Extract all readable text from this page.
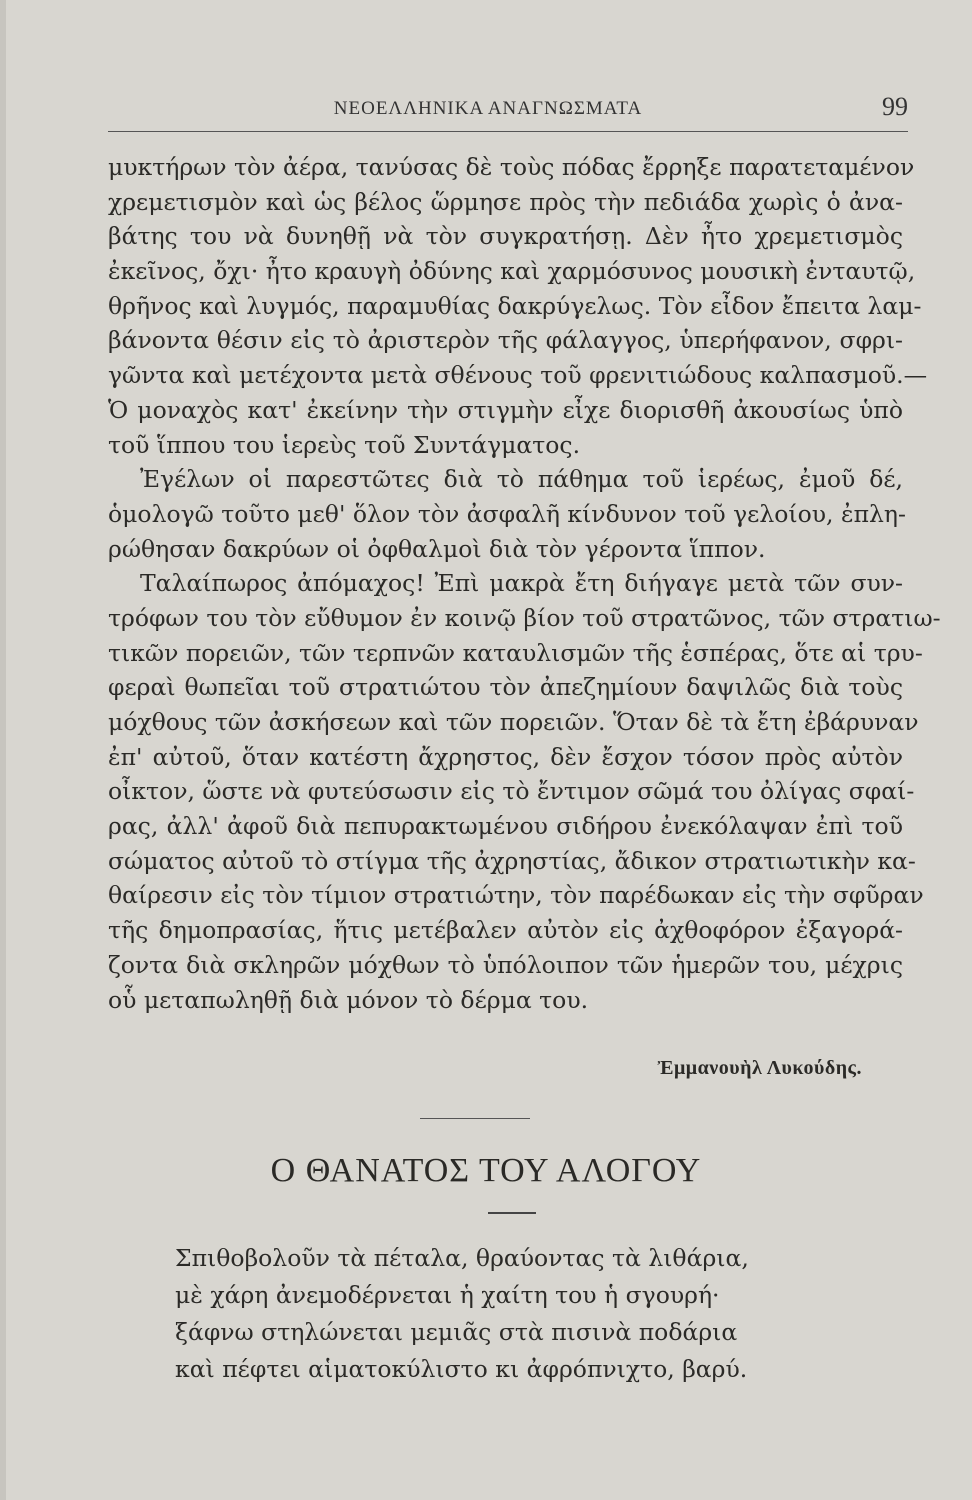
ΝΕΟΕΛΛΗΝΙΚΑ ΑΝΑΓΝΩΣΜΑΤΑ	99
μυκτήρων τὸν ἀέρα, τανύσας δὲ τοὺς πόδας ἔρρηξε παρατεταμένον
χρεμετισμὸν καὶ ὡς βέλος ὥρμησε πρὸς τὴν πεδιάδα χωρὶς ὁ ἀνα-
βάτης του νὰ δυνηθῇ νὰ τὸν συγκρατήσῃ. Δὲν ἦτο χρεμετισμὸς
ἐκεῖνος, ὄχι· ἦτο κραυγὴ ὀδύνης καὶ χαρμόσυνος μουσικὴ ἐνταυτῷ,
θρῆνος καὶ λυγμός, παραμυθίας δακρύγελως. Τὸν εἶδον ἔπειτα λαμ-
βάνοντα θέσιν εἰς τὸ ἀριστερὸν τῆς φάλαγγος, ὑπερήφανον, σφρι-
γῶντα καὶ μετέχοντα μετὰ σθένους τοῦ φρενιτιώδους καλπασμοῦ.—
Ὁ μοναχὸς κατ' ἐκείνην τὴν στιγμὴν εἶχε διορισθῆ ἀκουσίως ὑπὸ
τοῦ ἵππου του ἱερεὺς τοῦ Συντάγματος.
Ἐγέλων οἱ παρεστῶτες διὰ τὸ πάθημα τοῦ ἱερέως, ἐμοῦ δέ,
ὁμολογῶ τοῦτο μεθ' ὅλον τὸν ἀσφαλῆ κίνδυνον τοῦ γελοίου, ἐπλη-
ρώθησαν δακρύων οἱ ὀφθαλμοὶ διὰ τὸν γέροντα ἵππον.
Ταλαίπωρος ἀπόμαχος! Ἐπὶ μακρὰ ἔτη διήγαγε μετὰ τῶν συν-
τρόφων του τὸν εὔθυμον ἐν κοινῷ βίον τοῦ στρατῶνος, τῶν στρατιω-
τικῶν πορειῶν, τῶν τερπνῶν καταυλισμῶν τῆς ἑσπέρας, ὅτε αἱ τρυ-
φεραὶ θωπεῖαι τοῦ στρατιώτου τὸν ἀπεζημίουν δαψιλῶς διὰ τοὺς
μόχθους τῶν ἀσκήσεων καὶ τῶν πορειῶν. Ὅταν δὲ τὰ ἔτη ἐβάρυναν
ἐπ' αὐτοῦ, ὅταν κατέστη ἄχρηστος, δὲν ἔσχον τόσον πρὸς αὐτὸν
οἶκτον, ὥστε νὰ φυτεύσωσιν εἰς τὸ ἔντιμον σῶμά του ὀλίγας σφαί-
ρας, ἀλλ' ἀφοῦ διὰ πεπυρακτωμένου σιδήρου ἐνεκόλαψαν ἐπὶ τοῦ
σώματος αὐτοῦ τὸ στίγμα τῆς ἀχρηστίας, ἄδικον στρατιωτικὴν κα-
θαίρεσιν εἰς τὸν τίμιον στρατιώτην, τὸν παρέδωκαν εἰς τὴν σφῦραν
τῆς δημοπρασίας, ἥτις μετέβαλεν αὐτὸν εἰς ἀχθοφόρον ἐξαγορά-
ζοντα διὰ σκληρῶν μόχθων τὸ ὑπόλοιπον τῶν ἡμερῶν του, μέχρις
οὗ μεταπωληθῇ διὰ μόνον τὸ δέρμα του.
Ἐμμανουὴλ Λυκούδης.
Ο ΘΑΝΑΤΟΣ ΤΟΥ ΑΛΟΓΟΥ
Σπιθοβολοῦν τὰ πέταλα, θραύοντας τὰ λιθάρια,
μὲ χάρη ἀνεμοδέρνεται ἡ χαίτη του ἡ σγουρή·
ξάφνω στηλώνεται μεμιᾶς στὰ πισινὰ ποδάρια
καὶ πέφτει αἱματοκύλιστο κι ἀφρόπνιχτο, βαρύ.
